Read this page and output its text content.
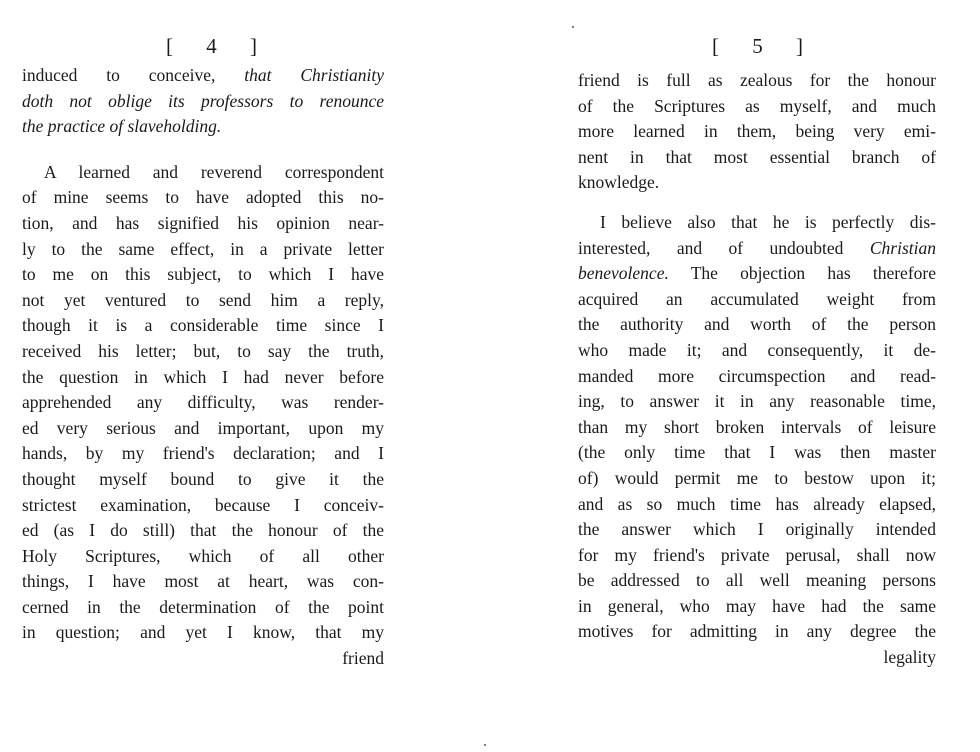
[ 4 ]
induced to conceive, that Christianity
doth not oblige its professors to renounce
the practice of slaveholding.
A learned and reverend correspondent
of mine seems to have adopted this no-
tion, and has signified his opinion near-
ly to the same effect, in a private letter
to me on this subject, to which I have
not yet ventured to send him a reply,
though it is a considerable time since I
received his letter; but, to say the truth,
the question in which I had never before
apprehended any difficulty, was render-
ed very serious and important, upon my
hands, by my friend's declaration; and I
thought myself bound to give it the
strictest examination, because I conceiv-
ed (as I do still) that the honour of the
Holy Scriptures, which of all other
things, I have most at heart, was con-
cerned in the determination of the point
in question; and yet I know, that my
friend
[ 5 ]
friend is full as zealous for the honour
of the Scriptures as myself, and much
more learned in them, being very emi-
nent in that most essential branch of
knowledge.
I believe also that he is perfectly dis-
interested, and of undoubted Christian
benevolence. The objection has therefore
acquired an accumulated weight from
the authority and worth of the person
who made it; and consequently, it de-
manded more circumspection and read-
ing, to answer it in any reasonable time,
than my short broken intervals of leisure
(the only time that I was then master
of) would permit me to bestow upon it;
and as so much time has already elapsed,
the answer which I originally intended
for my friend's private perusal, shall now
be addressed to all well meaning persons
in general, who may have had the same
motives for admitting in any degree the
legality
